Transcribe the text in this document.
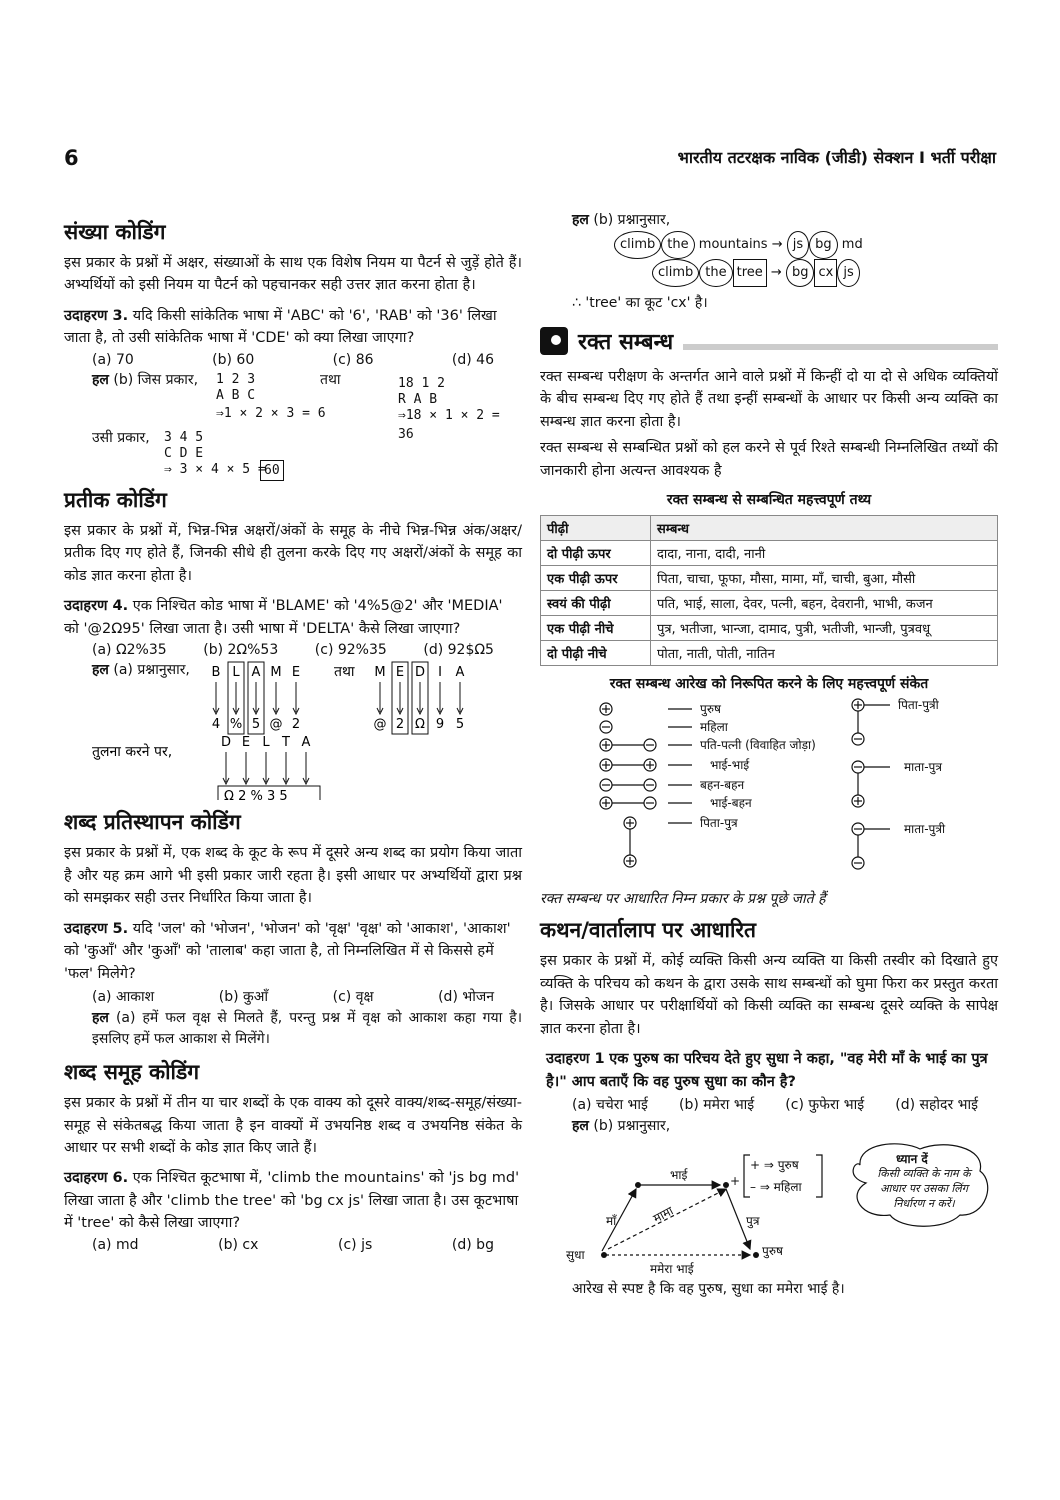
6	भारतीय तटरक्षक नाविक (जीडी) सेक्शन I भर्ती परीक्षा
संख्या कोडिंग

इस प्रकार के प्रश्नों में अक्षर, संख्याओं के साथ एक विशेष नियम या पैटर्न से जुड़ें होते हैं। अभ्यर्थियों को इसी नियम या पैटर्न को पहचानकर सही उत्तर ज्ञात करना होता है।

उदाहरण 3. यदि किसी सांकेतिक भाषा में 'ABC' को '6', 'RAB' को '36' लिखा जाता है, तो उसी सांकेतिक भाषा में 'CDE' को क्या लिखा जाएगा?
(a) 70	(b) 60	(c) 86	(d) 46
हल (b) जिस प्रकार, 1 2 3
A B C
⇒1 × 2 × 3 = 6
तथा	18 1 2
R A B
⇒18 × 1 × 2 = 36
उसी प्रकार, 3 4 5
C D E
⇒ 3 × 4 × 5 =
60
प्रतीक कोडिंग

इस प्रकार के प्रश्नों में, भिन्न-भिन्न अक्षरों/अंकों के समूह के नीचे भिन्न-भिन्न अंक/अक्षर/प्रतीक दिए गए होते हैं, जिनकी सीधे ही तुलना करके दिए गए अक्षरों/अंकों के समूह का कोड ज्ञात करना होता है।

उदाहरण 4. एक निश्चित कोड भाषा में 'BLAME' को '4%5@2' और 'MEDIA' को '@2Ω95' लिखा जाता है। उसी भाषा में 'DELTA' कैसे लिखा जाएगा?
(a) Ω2%35	(b) 2Ω%53	(c) 92%35	(d) 92$Ω5
हल (a) प्रश्नानुसार, B
4
L
%
A
5
M
@
E
2
M
@
E
2
D
Ω
I
9
A
5
D E L T A
Ω 2 % 3 5
तथा
तुलना करने पर,
शब्द प्रतिस्थापन कोडिंग

इस प्रकार के प्रश्नों में, एक शब्द के कूट के रूप में दूसरे अन्य शब्द का प्रयोग किया जाता है और यह क्रम आगे भी इसी प्रकार जारी रहता है। इसी आधार पर अभ्यर्थियों द्वारा प्रश्न को समझकर सही उत्तर निर्धारित किया जाता है।

उदाहरण 5. यदि 'जल' को 'भोजन', 'भोजन' को 'वृक्ष' 'वृक्ष' को 'आकाश', 'आकाश' को 'कुआँ' और 'कुआँ' को 'तालाब' कहा जाता है, तो निम्नलिखित में से किससे हमें 'फल' मिलेगे?
(a) आकाश	(b) कुआँ	(c) वृक्ष	(d) भोजन
हल (a) हमें फल वृक्ष से मिलते हैं, परन्तु प्रश्न में वृक्ष को आकाश कहा गया है। इसलिए हमें फल आकाश से मिलेंगे।
शब्द समूह कोडिंग

इस प्रकार के प्रश्नों में तीन या चार शब्दों के एक वाक्य को दूसरे वाक्य/शब्द-समूह/संख्या-समूह से संकेतबद्ध किया जाता है इन वाक्यों में उभयनिष्ठ शब्द व उभयनिष्ठ संकेत के आधार पर सभी शब्दों के कोड ज्ञात किए जाते हैं।

उदाहरण 6. एक निश्चित कूटभाषा में, 'climb the mountains' को 'js bg md' लिखा जाता है और 'climb the tree' को 'bg cx js' लिखा जाता है। उस कूटभाषा में 'tree' को कैसे लिखा जाएगा?
(a) md	(b) cx	(c) js	(d) bg
हल (b) प्रश्नानुसार,
climb the mountains → js bg md
climb the tree → bg cx js
∴ 'tree' का कूट 'cx' है।
रक्त सम्बन्ध

रक्त सम्बन्ध परीक्षण के अन्तर्गत आने वाले प्रश्नों में किन्हीं दो या दो से अधिक व्यक्तियों के बीच सम्बन्ध दिए गए होते हैं तथा इन्हीं सम्बन्धों के आधार पर किसी अन्य व्यक्ति का सम्बन्ध ज्ञात करना होता है।

रक्त सम्बन्ध से सम्बन्धित प्रश्नों को हल करने से पूर्व रिश्ते सम्बन्धी निम्नलिखित तथ्यों की जानकारी होना अत्यन्त आवश्यक है

रक्त सम्बन्ध से सम्बन्धित महत्त्वपूर्ण तथ्य
पीढ़ी	सम्बन्ध
दो पीढ़ी ऊपर	दादा, नाना, दादी, नानी
एक पीढ़ी ऊपर	पिता, चाचा, फूफा, मौसा, मामा, माँ, चाची, बुआ, मौसी
स्वयं की पीढ़ी	पति, भाई, साला, देवर, पत्नी, बहन, देवरानी, भाभी, कजन
एक पीढ़ी नीचे	पुत्र, भतीजा, भान्जा, दामाद, पुत्री, भतीजी, भान्जी, पुत्रवधू
दो पीढ़ी नीचे	पोता, नाती, पोती, नातिन
रक्त सम्बन्ध आरेख को निरूपित करने के लिए महत्त्वपूर्ण संकेत
पुरुष
महिला
पति-पत्नी (विवाहित जोड़ा)
भाई-भाई
बहन-बहन
भाई-बहन
पिता-पुत्र
पिता-पुत्री
माता-पुत्र
माता-पुत्री
रक्त सम्बन्ध पर आधारित निम्न प्रकार के प्रश्न पूछे जाते हैं
कथन/वार्तालाप पर आधारित

इस प्रकार के प्रश्नों में, कोई व्यक्ति किसी अन्य व्यक्ति या किसी तस्वीर को दिखाते हुए व्यक्ति के परिचय को कथन के द्वारा उसके साथ सम्बन्धों को घुमा फिरा कर प्रस्तुत करता है। जिसके आधार पर परीक्षार्थियों को किसी व्यक्ति का सम्बन्ध दूसरे व्यक्ति के सापेक्ष ज्ञात करना होता है।

उदाहरण 1 एक पुरुष का परिचय देते हुए सुधा ने कहा, "वह मेरी माँ के भाई का पुत्र है।" आप बताएँ कि वह पुरुष सुधा का कौन है?
(a) चचेरा भाई (b) ममेरा भाई (c) फुफेरा भाई (d) सहोदर भाई
हल (b) प्रश्नानुसार,
भाई	+
माँ	मामा	पुत्र
सुधा	पुरुष
ममेरा भाई
+ ⇒ पुरुष
– ⇒ महिला
ध्यान दें
किसी व्यक्ति के नाम के आधार पर उसका लिंग निर्धारण न करें।
आरेख से स्पष्ट है कि वह पुरुष, सुधा का ममेरा भाई है।
